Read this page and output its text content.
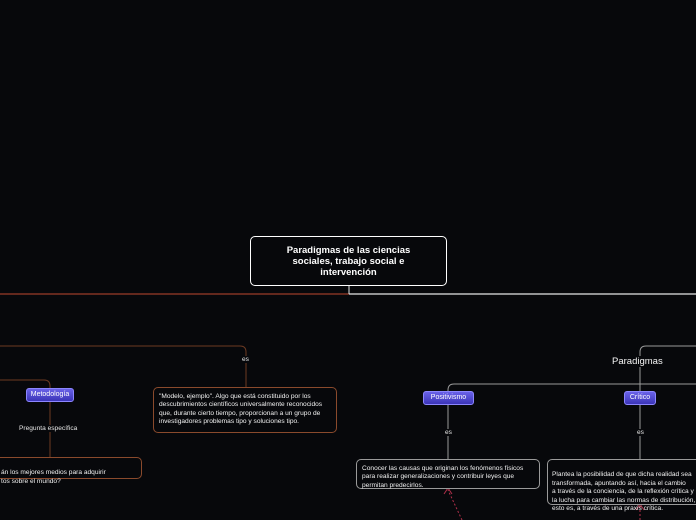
Paradigmas de las ciencias sociales, trabajo social e intervención
es
"Modelo, ejemplo". Algo que está constituido por los descubrimientos científicos universalmente reconocidos que, durante cierto tiempo, proporcionan a un grupo de investigadores problemas tipo y soluciones tipo.
Metodología
Pregunta específica

án los mejores medios para adquirir
tos sobre el mundo?

Paradigmas
Positivismo	Crítico
es	es
Conocer las causas que originan los fenómenos físicos para realizar generalizaciones y contribuir leyes que permitan predecirlos.

Plantea la posibilidad de que dicha realidad sea
transformada, apuntando así, hacia el cambio
a través de la conciencia, de la reflexión crítica y
la lucha para cambiar las normas de distribución,
esto es, a través de una praxis crítica.
